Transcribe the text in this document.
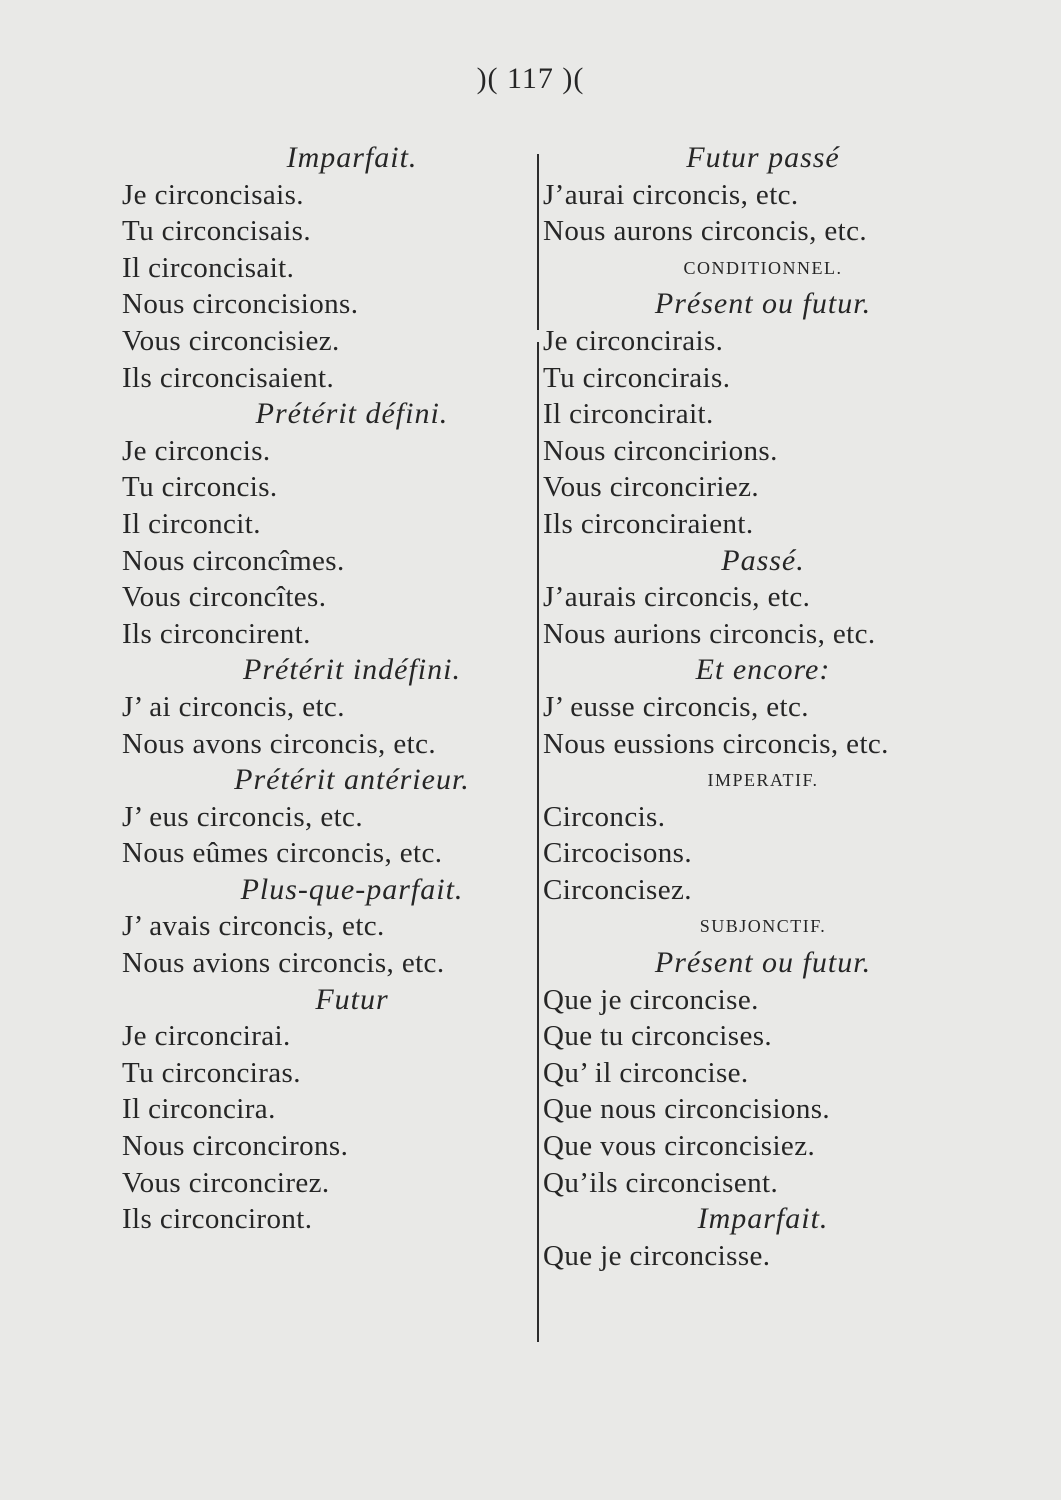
)( 117 )(
Imparfait.
Je circoncisais.
Tu circoncisais.
Il circoncisait.
Nous circoncisions.
Vous circoncisiez.
Ils circoncisaient.
Prétérit défini.
Je circoncis.
Tu circoncis.
Il circoncit.
Nous circoncîmes.
Vous circoncîtes.
Ils circoncirent.
Prétérit indéfini.
J’ ai circoncis, etc.
Nous avons circoncis, etc.
Prétérit antérieur.
J’ eus circoncis, etc.
Nous eûmes circoncis, etc.
Plus-que-parfait.
J’ avais circoncis, etc.
Nous avions circoncis, etc.
Futur
Je circoncirai.
Tu circonciras.
Il circoncira.
Nous circoncirons.
Vous circoncirez.
Ils circonciront.
Futur passé
J’aurai circoncis, etc.
Nous aurons circoncis, etc.
CONDITIONNEL.
Présent ou futur.
Je circoncirais.
Tu circoncirais.
Il circoncirait.
Nous circoncirions.
Vous circonciriez.
Ils circonciraient.
Passé.
J’aurais circoncis, etc.
Nous aurions circoncis, etc.
Et encore:
J’ eusse circoncis, etc.
Nous eussions circoncis, etc.
IMPERATIF.
Circoncis.
Circocisons.
Circoncisez.
SUBJONCTIF.
Présent ou futur.
Que je circoncise.
Que tu circoncises.
Qu’ il circoncise.
Que nous circoncisions.
Que vous circoncisiez.
Qu’ils circoncisent.
Imparfait.
Que je circoncisse.
